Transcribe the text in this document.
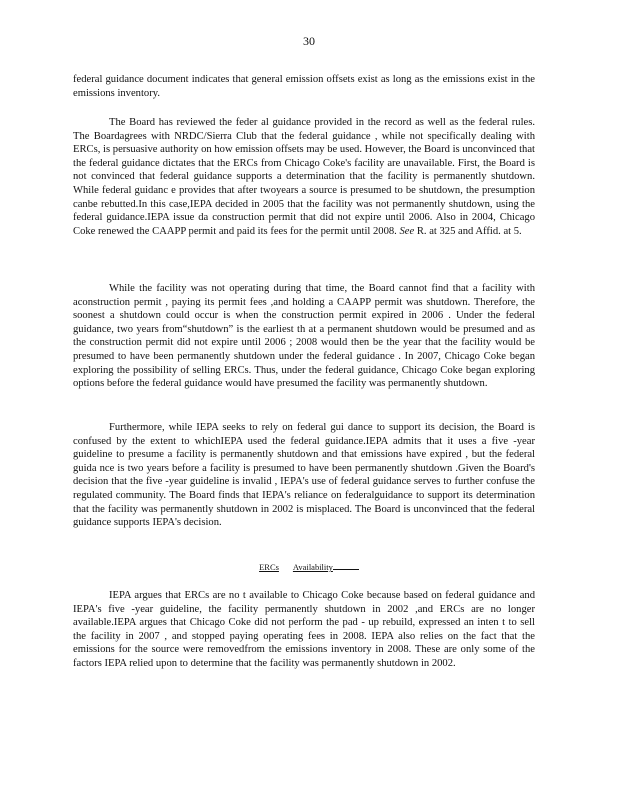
30

federal guidance document indicates that general emission offsets exist as long as the emissions exist in the emissions inventory.

The Board has reviewed the feder al guidance provided in the record as well as the federal rules. The Boardagrees with NRDC/Sierra Club that the federal guidance , while not specifically dealing with ERCs, is persuasive authority on how emission offsets may be used. However, the Board is unconvinced that the federal guidance dictates that the ERCs from Chicago Coke's facility are unavailable. First, the Board is not convinced that federal guidance supports a determination that the facility is permanently shutdown. While federal guidanc e provides that after twoyears a source is presumed to be shutdown, the presumption canbe rebutted.In this case,IEPA decided in 2005 that the facility was not permanently shutdown, using the federal guidance.IEPA issue da construction permit that did not expire until 2006. Also in 2004, Chicago Coke renewed the CAAPP permit and paid its fees for the permit until 2008. See R. at 325 and Affid. at 5.

While the facility was not operating during that time, the Board cannot find that a facility with aconstruction permit , paying its permit fees ,and holding a CAAPP permit was shutdown. Therefore, the soonest a shutdown could occur is when the construction permit expired in 2006 . Under the federal guidance, two years from“shutdown” is the earliest th at a permanent shutdown would be presumed and as the construction permit did not expire until 2006 ; 2008 would then be the year that the facility would be presumed to have been permanently shutdown under the federal guidance . In 2007, Chicago Coke began exploring the possibility of selling ERCs. Thus, under the federal guidance, Chicago Coke began exploring options before the federal guidance would have presumed the facility was permanently shutdown.

Furthermore, while IEPA seeks to rely on federal gui dance to support its decision, the Board is confused by the extent to whichIEPA used the federal guidance.IEPA admits that it uses a five -year guideline to presume a facility is permanently shutdown and that emissions have expired , but the federal guida nce is two years before a facility is presumed to have been permanently shutdown .Given the Board's decision that the five -year guideline is invalid , IEPA's use of federal guidance serves to further confuse the regulated community. The Board finds that IEPA's reliance on federalguidance to support its determination that the facility was permanently shutdown in 2002 is misplaced. The Board is unconvinced that the federal guidance supports IEPA's decision.

ERCs Availability

IEPA argues that ERCs are no t available to Chicago Coke because based on federal guidance and IEPA's five -year guideline, the facility permanently shutdown in 2002 ,and ERCs are no longer available.IEPA argues that Chicago Coke did not perform the pad - up rebuild, expressed an inten t to sell the facility in 2007 , and stopped paying operating fees in 2008. IEPA also relies on the fact that the emissions for the source were removedfrom the emissions inventory in 2008. These are only some of the factors IEPA relied upon to determine that the facility was permanently shutdown in 2002.
